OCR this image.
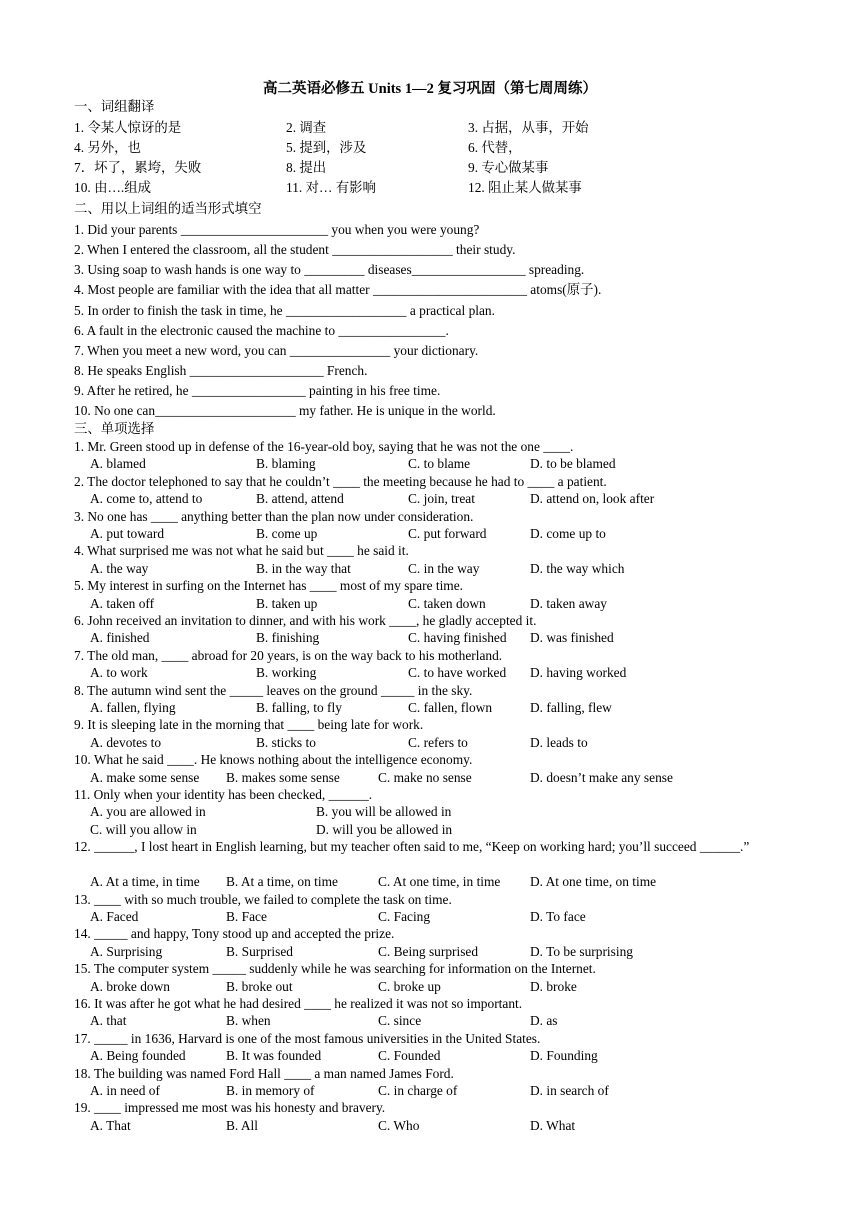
高二英语必修五 Units 1—2 复习巩固（第七周周练）
一、词组翻译
1. 令某人惊讶的是	2. 调查	3. 占据，从事，开始
4. 另外，也	5. 提到，涉及	6. 代替，
7．坏了，累垮，失败	8. 提出	9. 专心做某事
10. 由….组成	11. 对… 有影响	12. 阻止某人做某事
二、用以上词组的适当形式填空
1. Did your parents ______________________ you when you were young?
2. When I entered the classroom, all the student __________________ their study.
3. Using soap to wash hands is one way to _________ diseases_________________ spreading.
4. Most people are familiar with the idea that all matter _______________________ atoms(原子).
5. In order to finish the task in time, he __________________ a practical plan.
6. A fault in the electronic caused the machine to ________________.
7. When you meet a new word, you can _______________ your dictionary.
8. He speaks English ____________________ French.
9. After he retired, he _________________ painting in his free time.
10. No one can_____________________ my father. He is unique in the world.
三、单项选择
1. Mr. Green stood up in defense of the 16-year-old boy, saying that he was not the one ____.
A. blamed	B. blaming	C. to blame	D. to be blamed
2. The doctor telephoned to say that he couldn’t ____ the meeting because he had to ____ a patient.
A. come to, attend to	B. attend, attend	C. join, treat	D. attend on, look after
3. No one has ____ anything better than the plan now under consideration.
A. put toward	B. come up	C. put forward	D. come up to
4. What surprised me was not what he said but ____ he said it.
A. the way	B. in the way that	C. in the way	D. the way which
5. My interest in surfing on the Internet has ____ most of my spare time.
A. taken off	B. taken up	C. taken down	D. taken away
6. John received an invitation to dinner, and with his work ____, he gladly accepted it.
A. finished	B. finishing	C. having finished D. was finished
7. The old man, ____ abroad for 20 years, is on the way back to his motherland.
A. to work	B. working	C. to have worked D. having worked
8. The autumn wind sent the _____ leaves on the ground _____ in the sky.
A. fallen, flying	B. falling, to fly	C. fallen, flown	D. falling, flew
9. It is sleeping late in the morning that ____ being late for work.
A. devotes to	B. sticks to	C. refers to	D. leads to
10. What he said ____. He knows nothing about the intelligence economy.
A. make some sense B. makes some sense	C. make no sense	D. doesn’t make any sense
11. Only when your identity has been checked, ______.
A. you are allowed in	B. you will be allowed in
C. will you allow in	D. will you be allowed in
12. ______, I lost heart in English learning, but my teacher often said to me, “Keep on working hard; you’ll succeed ______.”
A. At a time, in time B. At a time, on time	C. At one time, in time D. At one time, on time
13. ____ with so much trouble, we failed to complete the task on time.
A. Faced	B. Face	C. Facing	D. To face
14. _____ and happy, Tony stood up and accepted the prize.
A. Surprising	B. Surprised	C. Being surprised	D. To be surprising
15. The computer system _____ suddenly while he was searching for information on the Internet.
A. broke down	B. broke out	C. broke up	D. broke
16. It was after he got what he had desired ____ he realized it was not so important.
A. that	B. when	C. since	D. as
17. _____ in 1636, Harvard is one of the most famous universities in the United States.
A. Being founded	B. It was founded	C. Founded	D. Founding
18. The building was named Ford Hall ____ a man named James Ford.
A. in need of	B. in memory of	C. in charge of	D. in search of
19. ____ impressed me most was his honesty and bravery.
A. That	B. All	C. Who	D. What
